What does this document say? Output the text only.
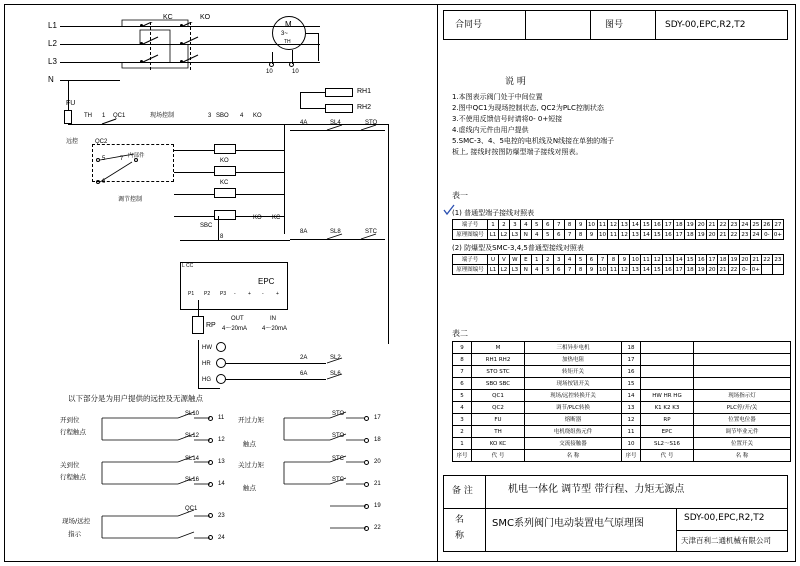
合同号	图号	SDY-00,EPC,R2,T2
说 明
1.本图表示阀门处于中间位置
2.图中QC1为现场控制状态, QC2为PLC控制状态
3.不使用反馈信号时请将0- 0+短接
4.虚线内元件由用户提供
5.SMC-3、4、5电控的电机线及N线接在单独的端子
板上, 接线时按图防爆型端子接线对照表。
表一
(1) 普通型端子接线对照表
端子号	1	2	3	4	5	6	7	8	9	10	11	12	13	14	15	16	17	18	19	20	21	22	23	24	25	26	27
原理图编号	L1	L2	L3	N	4	5	6	7	8	9	10	11	12	13	14	15	16	17	18	19	20	21	22	23	24	0-	0+
(2) 防爆型及SMC-3,4,5普通型接线对照表
端子号	U	V	W	E	1	2	3	4	5	6	7	8	9	10	11	12	13	14	15	16	17	18	19	20	21	22	23
原理图编号	L1	L2	L3	N	4	5	6	7	8	9	10	11	12	13	14	15	16	17	18	19	20	21	22	0-	0+		
表二
9	M	三相异步电机	18		
8	RH1 RH2	加热电阻	17		
7	STO STC	转矩开关	16		
6	SBO SBC	现场按钮开关	15		
5	QC1	现场/远控转换开关	14	HW HR HG	现场指示灯
4	QC2	调节/PLC转换	13	K1 K2 K3	PLC停/开/关
3	FU	熔断器	12	RP	位置电位器
2	TH	电机绕组热元件	11	EPC	调节毕业元件
1	KO KC	交流接触器	10	SL2～S16	位置开关
序号	代 号	名 称	序号	代 号	名 称
备 注	机电一体化 调节型 带行程、力矩无源点
名
称
SMC系列阀门电动装置电气原理图	SDY-00,EPC,R2,T2
天津百利二通机械有限公司
L1
L2
L3
N
KC	KO
M
3~
TH
10	10
RH1
RH2
FU
TH 1 QC1	现场控制	3 SBO 4 KO
远控	QC2
内部件
5
6
7
调节控制
KO
KC
4A	SL4	STO
SBC
8
KO KC
8A	SL8	STC
EPC
P1 P2 P3 - + - +
OUT	IN
4～20mA 4～20mA
L CC
RP
HW
HR
HG
2A	SL2
6A	SL6
以下部分是为用户提供的远控及无源触点
SL10
SL12
SL14
SL16
开到位
行程触点
关到位
行程触点
11
12
13
14
STO
STO
STC
STC
开过力矩
触点
关过力矩
触点
17
18
20
21
QC1
现场/远控
指示
23
24
19
22
